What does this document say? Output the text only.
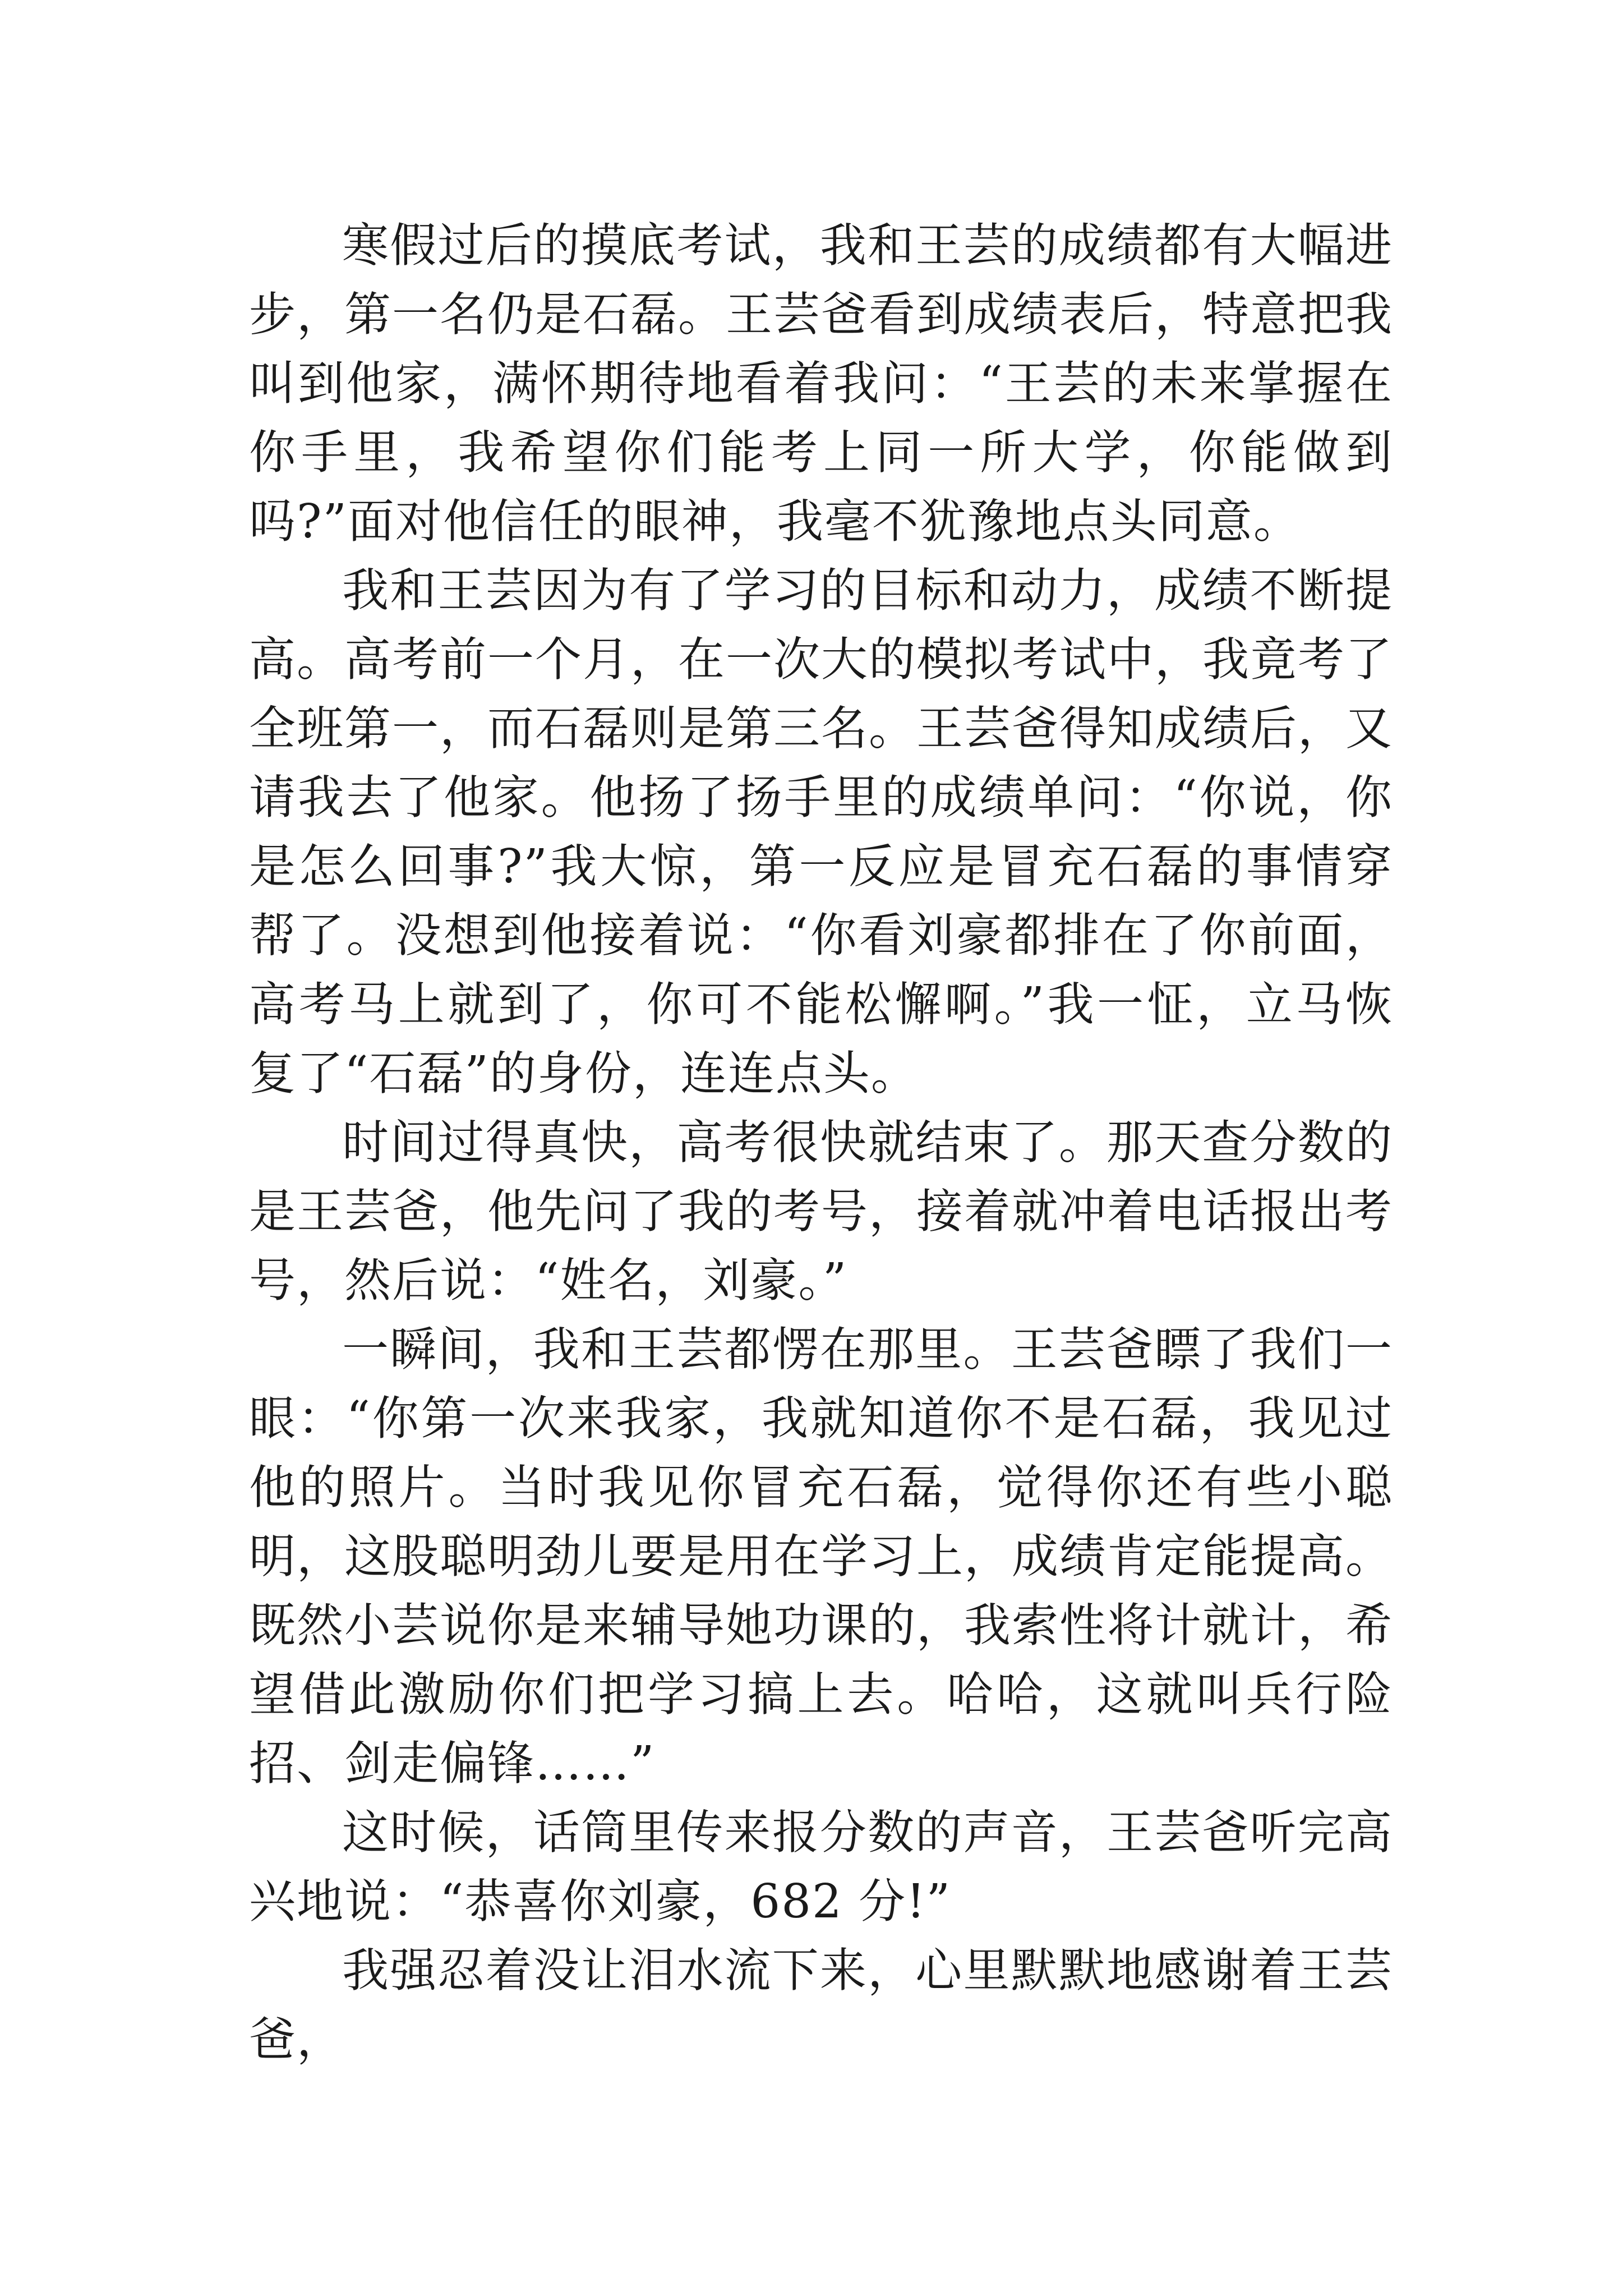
寒假过后的摸底考试，我和王芸的成绩都有大幅进步，第一名仍是石磊。王芸爸看到成绩表后，特意把我叫到他家，满怀期待地看着我问：“王芸的未来掌握在你手里，我希望你们能考上同一所大学，你能做到吗?”面对他信任的眼神，我毫不犹豫地点头同意。

我和王芸因为有了学习的目标和动力，成绩不断提高。高考前一个月，在一次大的模拟考试中，我竟考了全班第一，而石磊则是第三名。王芸爸得知成绩后，又请我去了他家。他扬了扬手里的成绩单问：“你说，你是怎么回事?”我大惊，第一反应是冒充石磊的事情穿帮了。没想到他接着说：“你看刘豪都排在了你前面，高考马上就到了，你可不能松懈啊。”我一怔，立马恢复了“石磊”的身份，连连点头。

时间过得真快，高考很快就结束了。那天查分数的是王芸爸，他先问了我的考号，接着就冲着电话报出考号，然后说：“姓名，刘豪。”

一瞬间，我和王芸都愣在那里。王芸爸瞟了我们一眼：“你第一次来我家，我就知道你不是石磊，我见过他的照片。当时我见你冒充石磊，觉得你还有些小聪明，这股聪明劲儿要是用在学习上，成绩肯定能提高。既然小芸说你是来辅导她功课的，我索性将计就计，希望借此激励你们把学习搞上去。哈哈，这就叫兵行险招、剑走偏锋……”

这时候，话筒里传来报分数的声音，王芸爸听完高兴地说：“恭喜你刘豪，682 分!”

我强忍着没让泪水流下来，心里默默地感谢着王芸爸，
